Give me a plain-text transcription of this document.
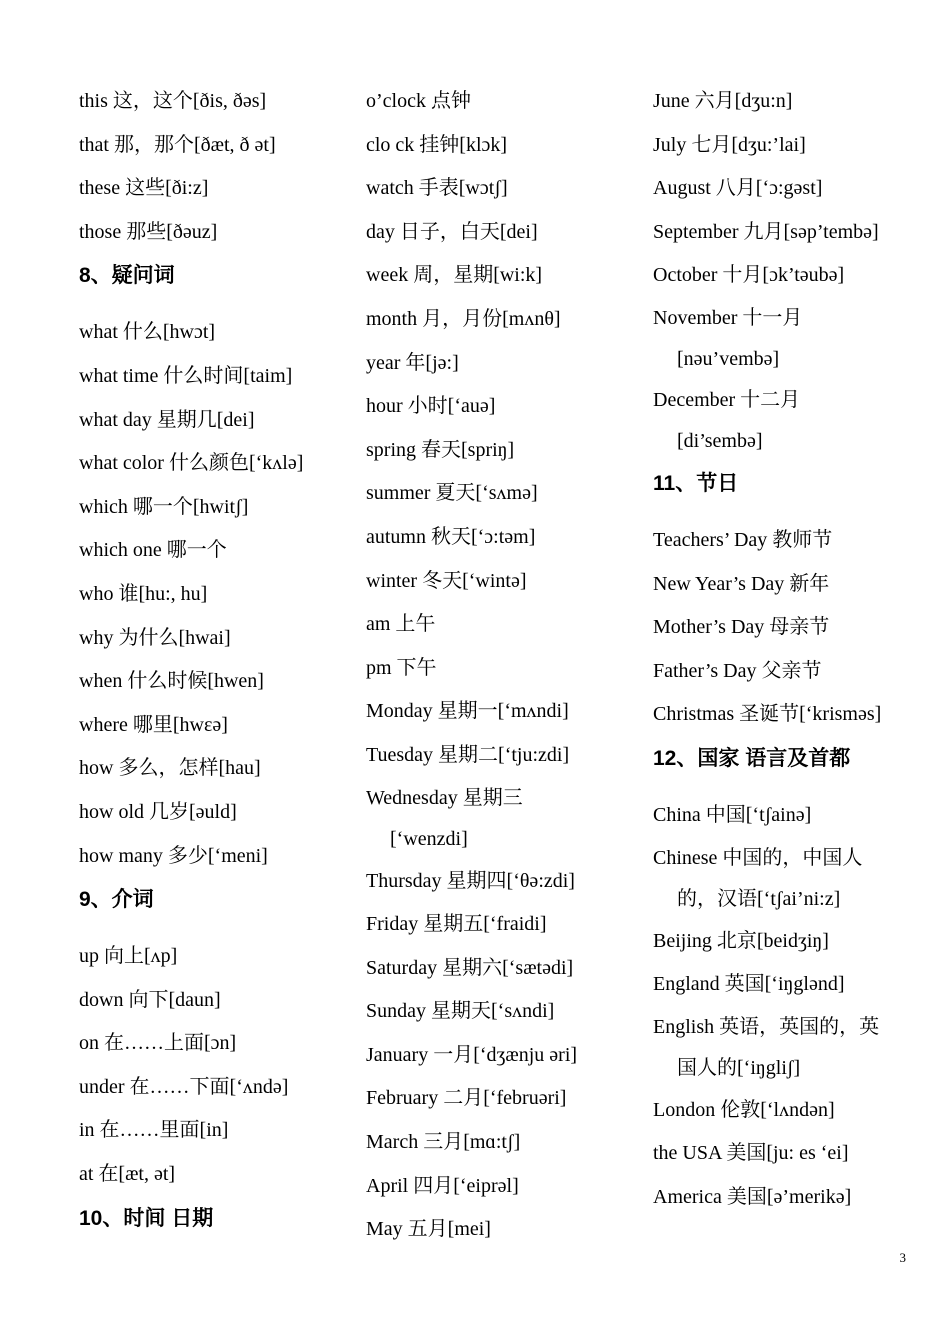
this 这，这个[ðis, ðəs]
that 那，那个[ðæt, ð ət]
these 这些[ði:z]
those 那些[ðəuz]
8、疑问词
what 什么[hwɔt]
what time 什么时间[taim]
what day 星期几[dei]
what color 什么颜色[‘kʌlə]
which 哪一个[hwitʃ]
which one 哪一个
who 谁[hu:, hu]
why 为什么[hwai]
when 什么时候[hwen]
where 哪里[hwεə]
how 多么，怎样[hau]
how old 几岁[əuld]
how many 多少[‘meni]
9、介词
up 向上[ʌp]
down 向下[daun]
on 在……上面[ɔn]
under 在……下面[‘ʌndə]
in 在……里面[in]
at 在[æt, ət]
10、时间 日期
o’clock 点钟
clo ck 挂钟[klɔk]
watch 手表[wɔtʃ]
day 日子，白天[dei]
week 周，星期[wi:k]
month 月，月份[mʌnθ]
year 年[jə:]
hour 小时[‘auə]
spring 春天[spriŋ]
summer 夏天[‘sʌmə]
autumn 秋天[‘ɔ:təm]
winter 冬天[‘wintə]
am 上午
pm 下午
Monday 星期一[‘mʌndi]
Tuesday 星期二[‘tju:zdi]
Wednesday 星期三
[‘wenzdi]
Thursday 星期四[‘θə:zdi]
Friday 星期五[‘fraidi]
Saturday 星期六[‘sætədi]
Sunday 星期天[‘sʌndi]
January 一月[‘dʒænju əri]
February 二月[‘februəri]
March 三月[mɑ:tʃ]
April 四月[‘eiprəl]
May 五月[mei]
June 六月[dʒu:n]
July 七月[dʒu:’lai]
August 八月[‘ɔ:gəst]
September 九月[səp’tembə]
October 十月[ɔk’təubə]
November 十一月
[nəu’vembə]
December 十二月
[di’sembə]
11、节日
Teachers’ Day 教师节
New Year’s Day 新年
Mother’s Day 母亲节
Father’s Day 父亲节
Christmas 圣诞节[‘krisməs]
12、国家 语言及首都
China 中国[‘tʃainə]
Chinese 中国的，中国人
的，汉语[‘tʃai’ni:z]
Beijing 北京[beidʒiŋ]
England 英国[‘iŋglənd]
English 英语，英国的，英
国人的[‘iŋgliʃ]
London 伦敦[‘lʌndən]
the USA 美国[ju: es ‘ei]
America 美国[ə’merikə]
3
